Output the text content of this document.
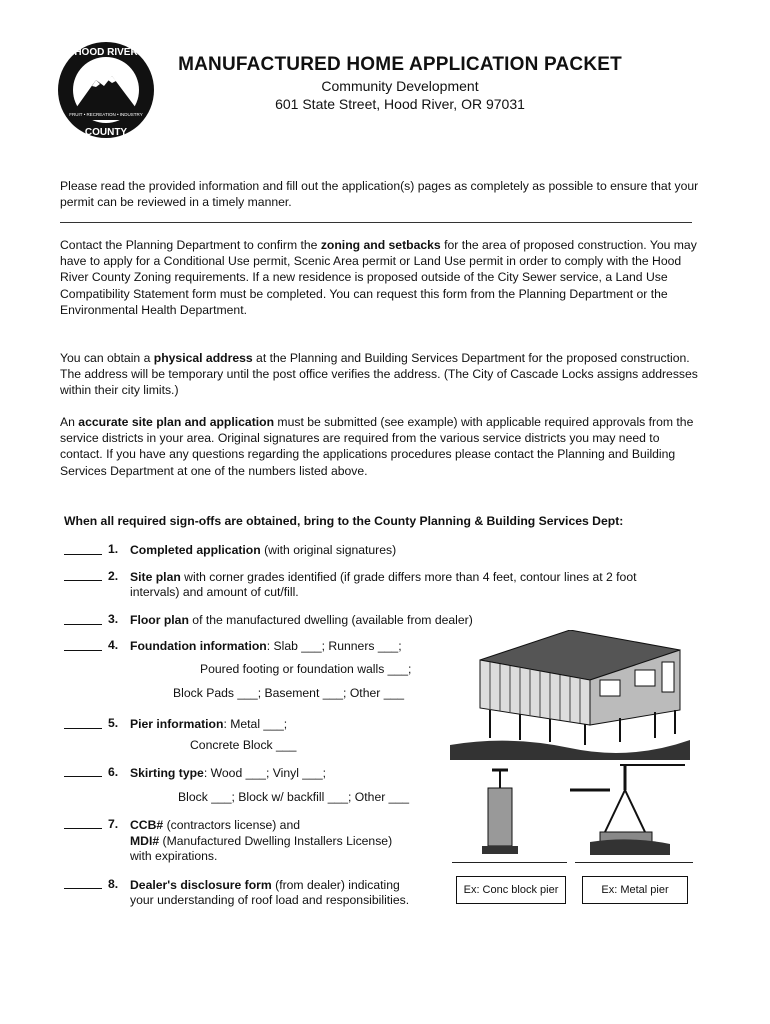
FRUIT • RECREATION • INDUSTRY
HOOD RIVER
COUNTY
MANUFACTURED HOME APPLICATION PACKET
Community Development
601 State Street, Hood River, OR 97031
Please read the provided information and fill out the application(s) pages as completely as possible to ensure that your permit can be reviewed in a timely manner.
Contact the Planning Department to confirm the zoning and setbacks for the area of proposed construction. You may have to apply for a Conditional Use permit, Scenic Area permit or Land Use permit in order to comply with the Hood River County Zoning requirements. If a new residence is proposed outside of the City Sewer service, a Land Use Compatibility Statement form must be completed. You can request this form from the Planning Department or the Environmental Health Department.
You can obtain a physical address at the Planning and Building Services Department for the proposed construction. The address will be temporary until the post office verifies the address. (The City of Cascade Locks assigns addresses within their city limits.)
An accurate site plan and application must be submitted (see example) with applicable required approvals from the service districts in your area. Original signatures are required from the various service districts you may need to contact. If you have any questions regarding the applications procedures please contact the Planning and Building Services Department at one of the numbers listed above.
When all required sign-offs are obtained, bring to the County Planning & Building Services Dept:
1. Completed application (with original signatures)
2. Site plan with corner grades identified (if grade differs more than 4 feet, contour lines at 2 foot
intervals) and amount of cut/fill.
3. Floor plan of the manufactured dwelling (available from dealer)
4. Foundation information: Slab ___; Runners ___;
Poured footing or foundation walls ___;
Block Pads ___; Basement ___; Other ___
5. Pier information: Metal ___;
Concrete Block ___
6. Skirting type: Wood ___; Vinyl ___;
Block ___; Block w/ backfill ___; Other ___
7. CCB# (contractors license) and
MDI# (Manufactured Dwelling Installers License)
with expirations.
8. Dealer's disclosure form (from dealer) indicating
your understanding of roof load and responsibilities.
Ex: Conc block pier	Ex: Metal pier
